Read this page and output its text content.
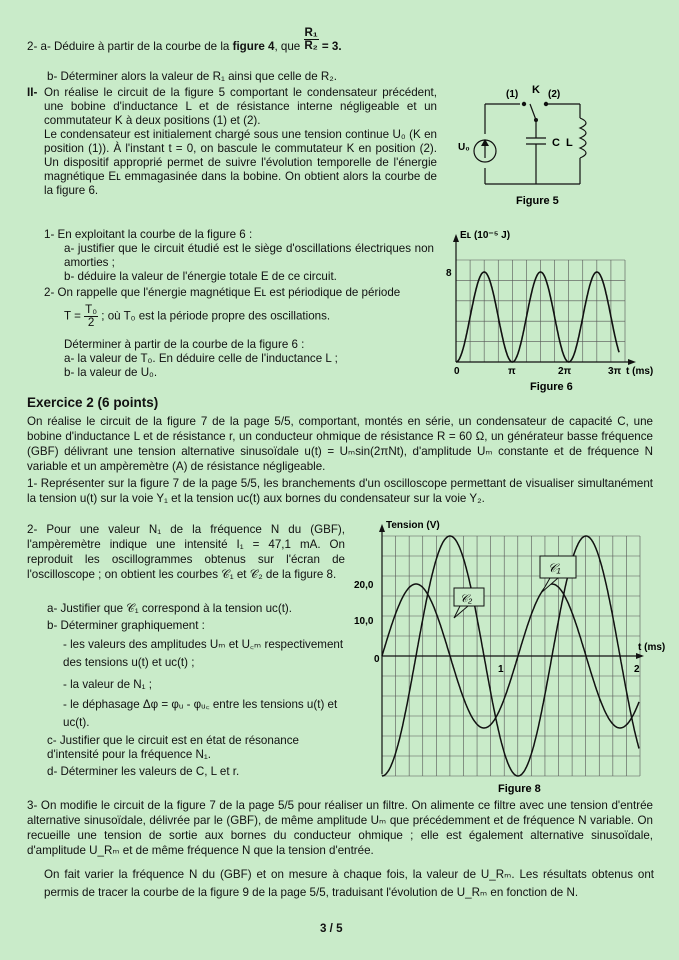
2- a- Déduire à partir de la courbe de la figure 4, que $\frac{\text{R₁}}{\text{R₂}} = 3$.
b- Déterminer alors la valeur de R₁ ainsi que celle de R₂.
II- On réalise le circuit de la figure 5 comportant le condensateur précédent, une bobine d'inductance L et de résistance interne négligeable et un commutateur K à deux positions (1) et (2).
Le condensateur est initialement chargé sous une tension continue U₀ (K en position (1)). À l'instant t = 0, on bascule le commutateur K en position (2). Un dispositif approprié permet de suivre l'évolution temporelle de l'énergie magnétique Eʟ emmagasinée dans la bobine. On obtient alors la courbe de la figure 6.
(1) K (2)
U₀	C L
Figure 5
1- En exploitant la courbe de la figure 6 :
a- justifier que le circuit étudié est le siège d'oscillations électriques non amorties ;
b- déduire la valeur de l'énergie totale E de ce circuit.
2- On rappelle que l'énergie magnétique Eʟ est périodique de période
$T = \frac{\text{T₀}}{2}$ ; où T₀ est la période propre des oscillations.
Déterminer à partir de la courbe de la figure 6 :
a- la valeur de T₀. En déduire celle de l'inductance L ;
b- la valeur de U₀.
Eʟ (10⁻⁵ J)
8
0	π	2π	3π t (ms)
Figure 6
Exercice 2 (6 points)
On réalise le circuit de la figure 7 de la page 5/5, comportant, montés en série, un condensateur de capacité C, une bobine d'inductance L et de résistance r, un conducteur ohmique de résistance R = 60 Ω, un générateur basse fréquence (GBF) délivrant une tension alternative sinusoïdale u(t) = Uₘsin(2πNt), d'amplitude Uₘ constante et de fréquence N variable et un ampèremètre (A) de résistance négligeable.
1- Représenter sur la figure 7 de la page 5/5, les branchements d'un oscilloscope permettant de visualiser simultanément la tension u(t) sur la voie Y₁ et la tension uc(t) aux bornes du condensateur sur la voie Y₂.
2- Pour une valeur N₁ de la fréquence N du (GBF), l'ampèremètre indique une intensité I₁ = 47,1 mA. On reproduit les oscillogrammes obtenus sur l'écran de l'oscilloscope ; on obtient les courbes 𝒞₁ et 𝒞₂ de la figure 8.
a- Justifier que 𝒞₁ correspond à la tension uc(t).
b- Déterminer graphiquement :
- les valeurs des amplitudes Uₘ et U꜀ₘ respectivement des tensions u(t) et uc(t) ;
- la valeur de N₁ ;
- le déphasage Δφ = φᵤ - φᵤ꜀ entre les tensions u(t) et uc(t).
c- Justifier que le circuit est en état de résonance d'intensité pour la fréquence N₁.
d- Déterminer les valeurs de C, L et r.
Tension (V)
20,0
10,0
0
1	2
t (ms)
𝒞₁
𝒞₂
Figure 8
3- On modifie le circuit de la figure 7 de la page 5/5 pour réaliser un filtre. On alimente ce filtre avec une tension d'entrée alternative sinusoïdale, délivrée par le (GBF), de même amplitude Uₘ que précédemment et de fréquence N variable. On recueille une tension de sortie aux bornes du conducteur ohmique ; elle est également alternative sinusoïdale, d'amplitude U_Rₘ et de même fréquence N que la tension d'entrée.
On fait varier la fréquence N du (GBF) et on mesure à chaque fois, la valeur de U_Rₘ. Les résultats obtenus ont permis de tracer la courbe de la figure 9 de la page 5/5, traduisant l'évolution de U_Rₘ en fonction de N.
3 / 5
